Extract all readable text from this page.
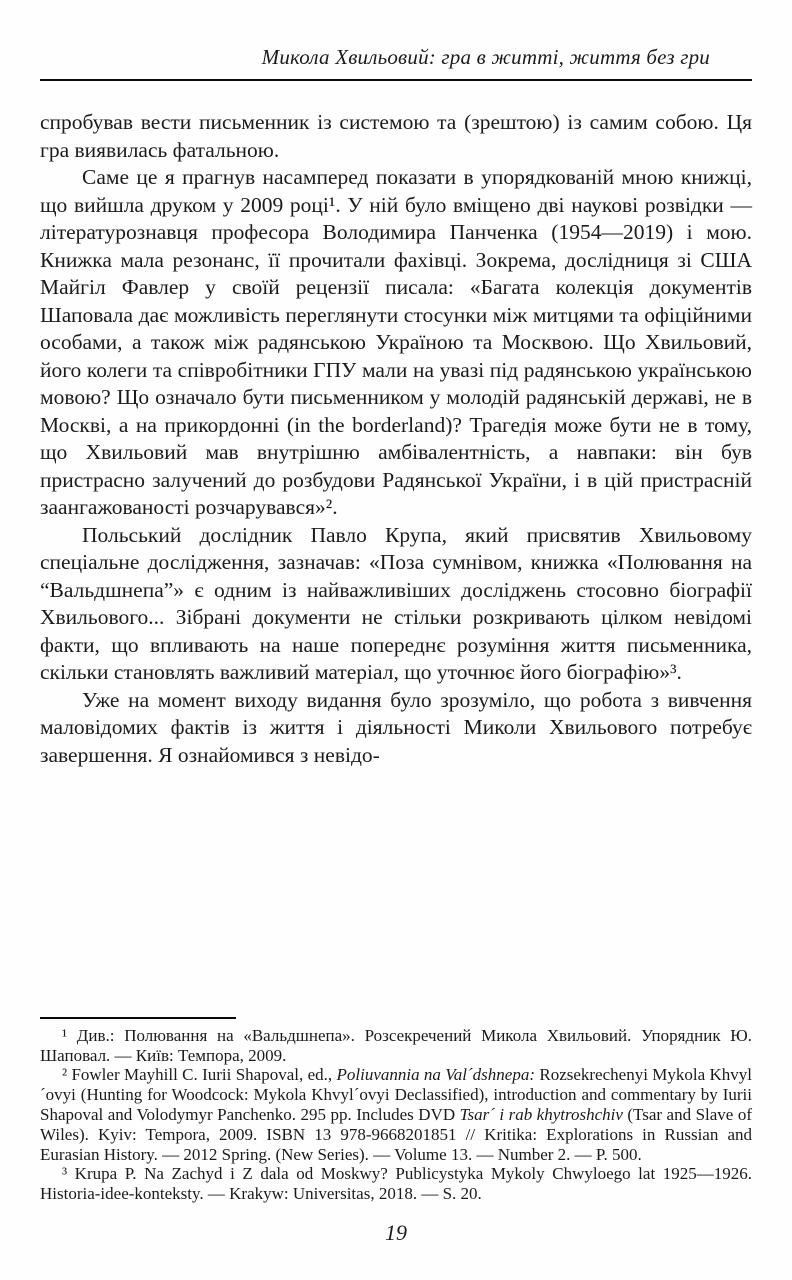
Микола Хвильовий: гра в житті, життя без гри

спробував вести письменник із системою та (зрештою) із самим собою. Ця гра виявилась фатальною.

Саме це я прагнув насамперед показати в упорядкованій мною книжці, що вийшла друком у 2009 році¹. У ній було вміщено дві наукові розвідки — літературознавця професора Володимира Панченка (1954—2019) і мою. Книжка мала резонанс, її прочитали фахівці. Зокрема, дослідниця зі США Майгіл Фавлер у своїй рецензії писала: «Багата колекція документів Шаповала дає можливість переглянути стосунки між митцями та офіційними особами, а також між радянською Україною та Москвою. Що Хвильовий, його колеги та співробітники ГПУ мали на увазі під радянською українською мовою? Що означало бути письменником у молодій радянській державі, не в Москві, а на прикордонні (in the borderland)? Трагедія може бути не в тому, що Хвильовий мав внутрішню амбівалентність, а навпаки: він був пристрасно залучений до розбудови Радянської України, і в цій пристрасній заангажованості розчарувався»².

Польський дослідник Павло Крупа, який присвятив Хвильовому спеціальне дослідження, зазначав: «Поза сумнівом, книжка «Полювання на “Вальдшнепа”» є одним із найважливіших досліджень стосовно біографії Хвильового... Зібрані документи не стільки розкривають цілком невідомі факти, що впливають на наше попереднє розуміння життя письменника, скільки становлять важливий матеріал, що уточнює його біографію»³.

Уже на момент виходу видання було зрозуміло, що робота з вивчення маловідомих фактів із життя і діяльності Миколи Хвильового потребує завершення. Я ознайомився з невідо-

¹ Див.: Полювання на «Вальдшнепа». Розсекречений Микола Хвильовий. Упорядник Ю. Шаповал. — Київ: Темпора, 2009.

² Fowler Mayhill C. Iurii Shapoval, ed., Poliuvannia na Val´dshnepa: Rozsekrechenyi Mykola Khvyl´ovyi (Hunting for Woodcock: Mykola Khvyl´ovyi Declassified), introduction and commentary by Iurii Shapoval and Volodymyr Panchenko. 295 pp. Includes DVD Tsar´ i rab khytroshchiv (Tsar and Slave of Wiles). Kyiv: Tempora, 2009. ISBN 13 978-9668201851 // Kritika: Explorations in Russian and Eurasian History. — 2012 Spring. (New Series). — Volume 13. — Number 2. — P. 500.

³ Krupa P. Na Zachyd i Z dala od Moskwy? Publicystyka Mykoly Chwyloego lat 1925—1926. Historia-idee-konteksty. — Krakyw: Universitas, 2018. — S. 20.

19
